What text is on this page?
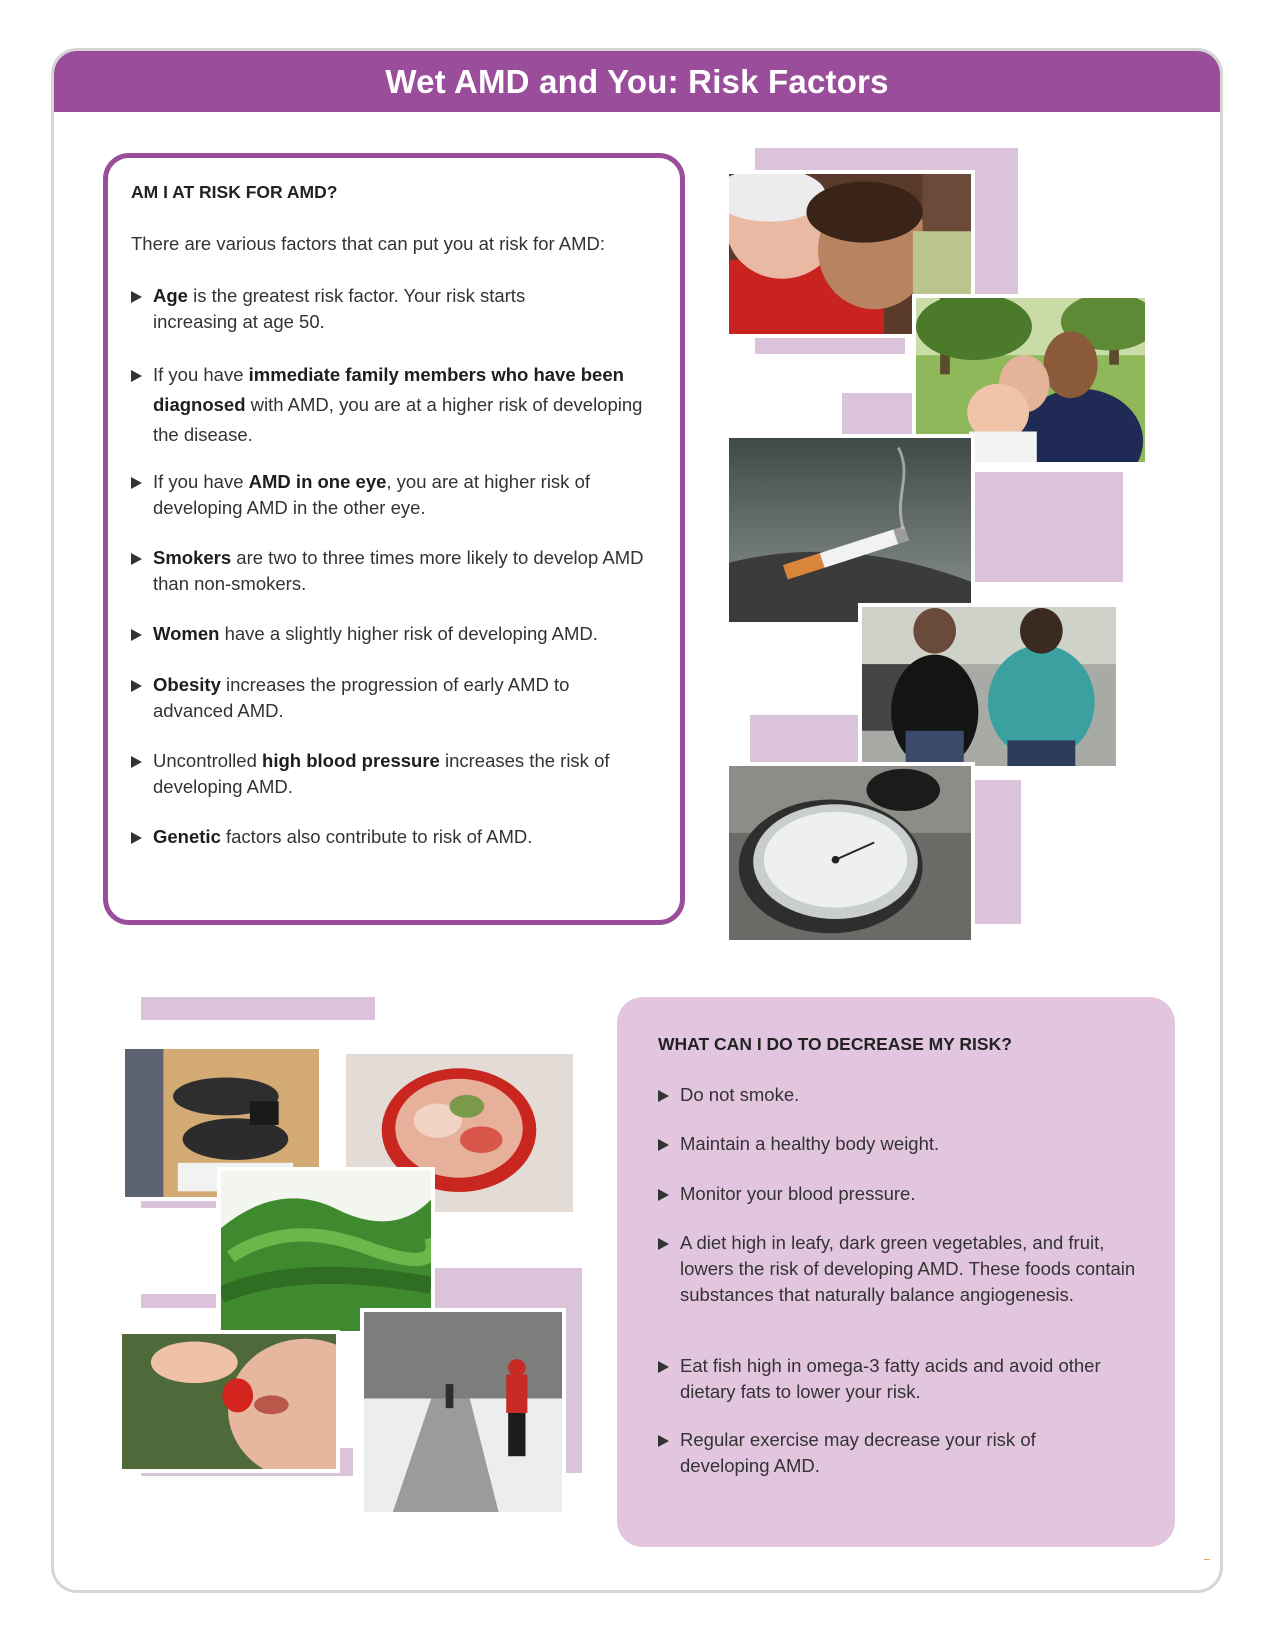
Wet AMD and You: Risk Factors
AM I AT RISK FOR AMD?
There are various factors that can put you at risk for AMD:
Age is the greatest risk factor. Your risk starts increasing at age 50.
If you have immediate family members who have been diagnosed with AMD, you are at a higher risk of developing the disease.
If you have AMD in one eye, you are at higher risk of developing AMD in the other eye.
Smokers are two to three times more likely to develop AMD than non-smokers.
Women have a slightly higher risk of developing AMD.
Obesity increases the progression of early AMD to advanced AMD.
Uncontrolled high blood pressure increases the risk of developing AMD.
Genetic factors also contribute to risk of AMD.
WHAT CAN I DO TO DECREASE MY RISK?
Do not smoke.
Maintain a healthy body weight.
Monitor your blood pressure.
A diet high in leafy, dark green vegetables, and fruit, lowers the risk of developing AMD. These foods contain substances that naturally balance angiogenesis.
Eat fish high in omega-3 fatty acids and avoid other dietary fats to lower your risk.
Regular exercise may decrease your risk of developing AMD.
